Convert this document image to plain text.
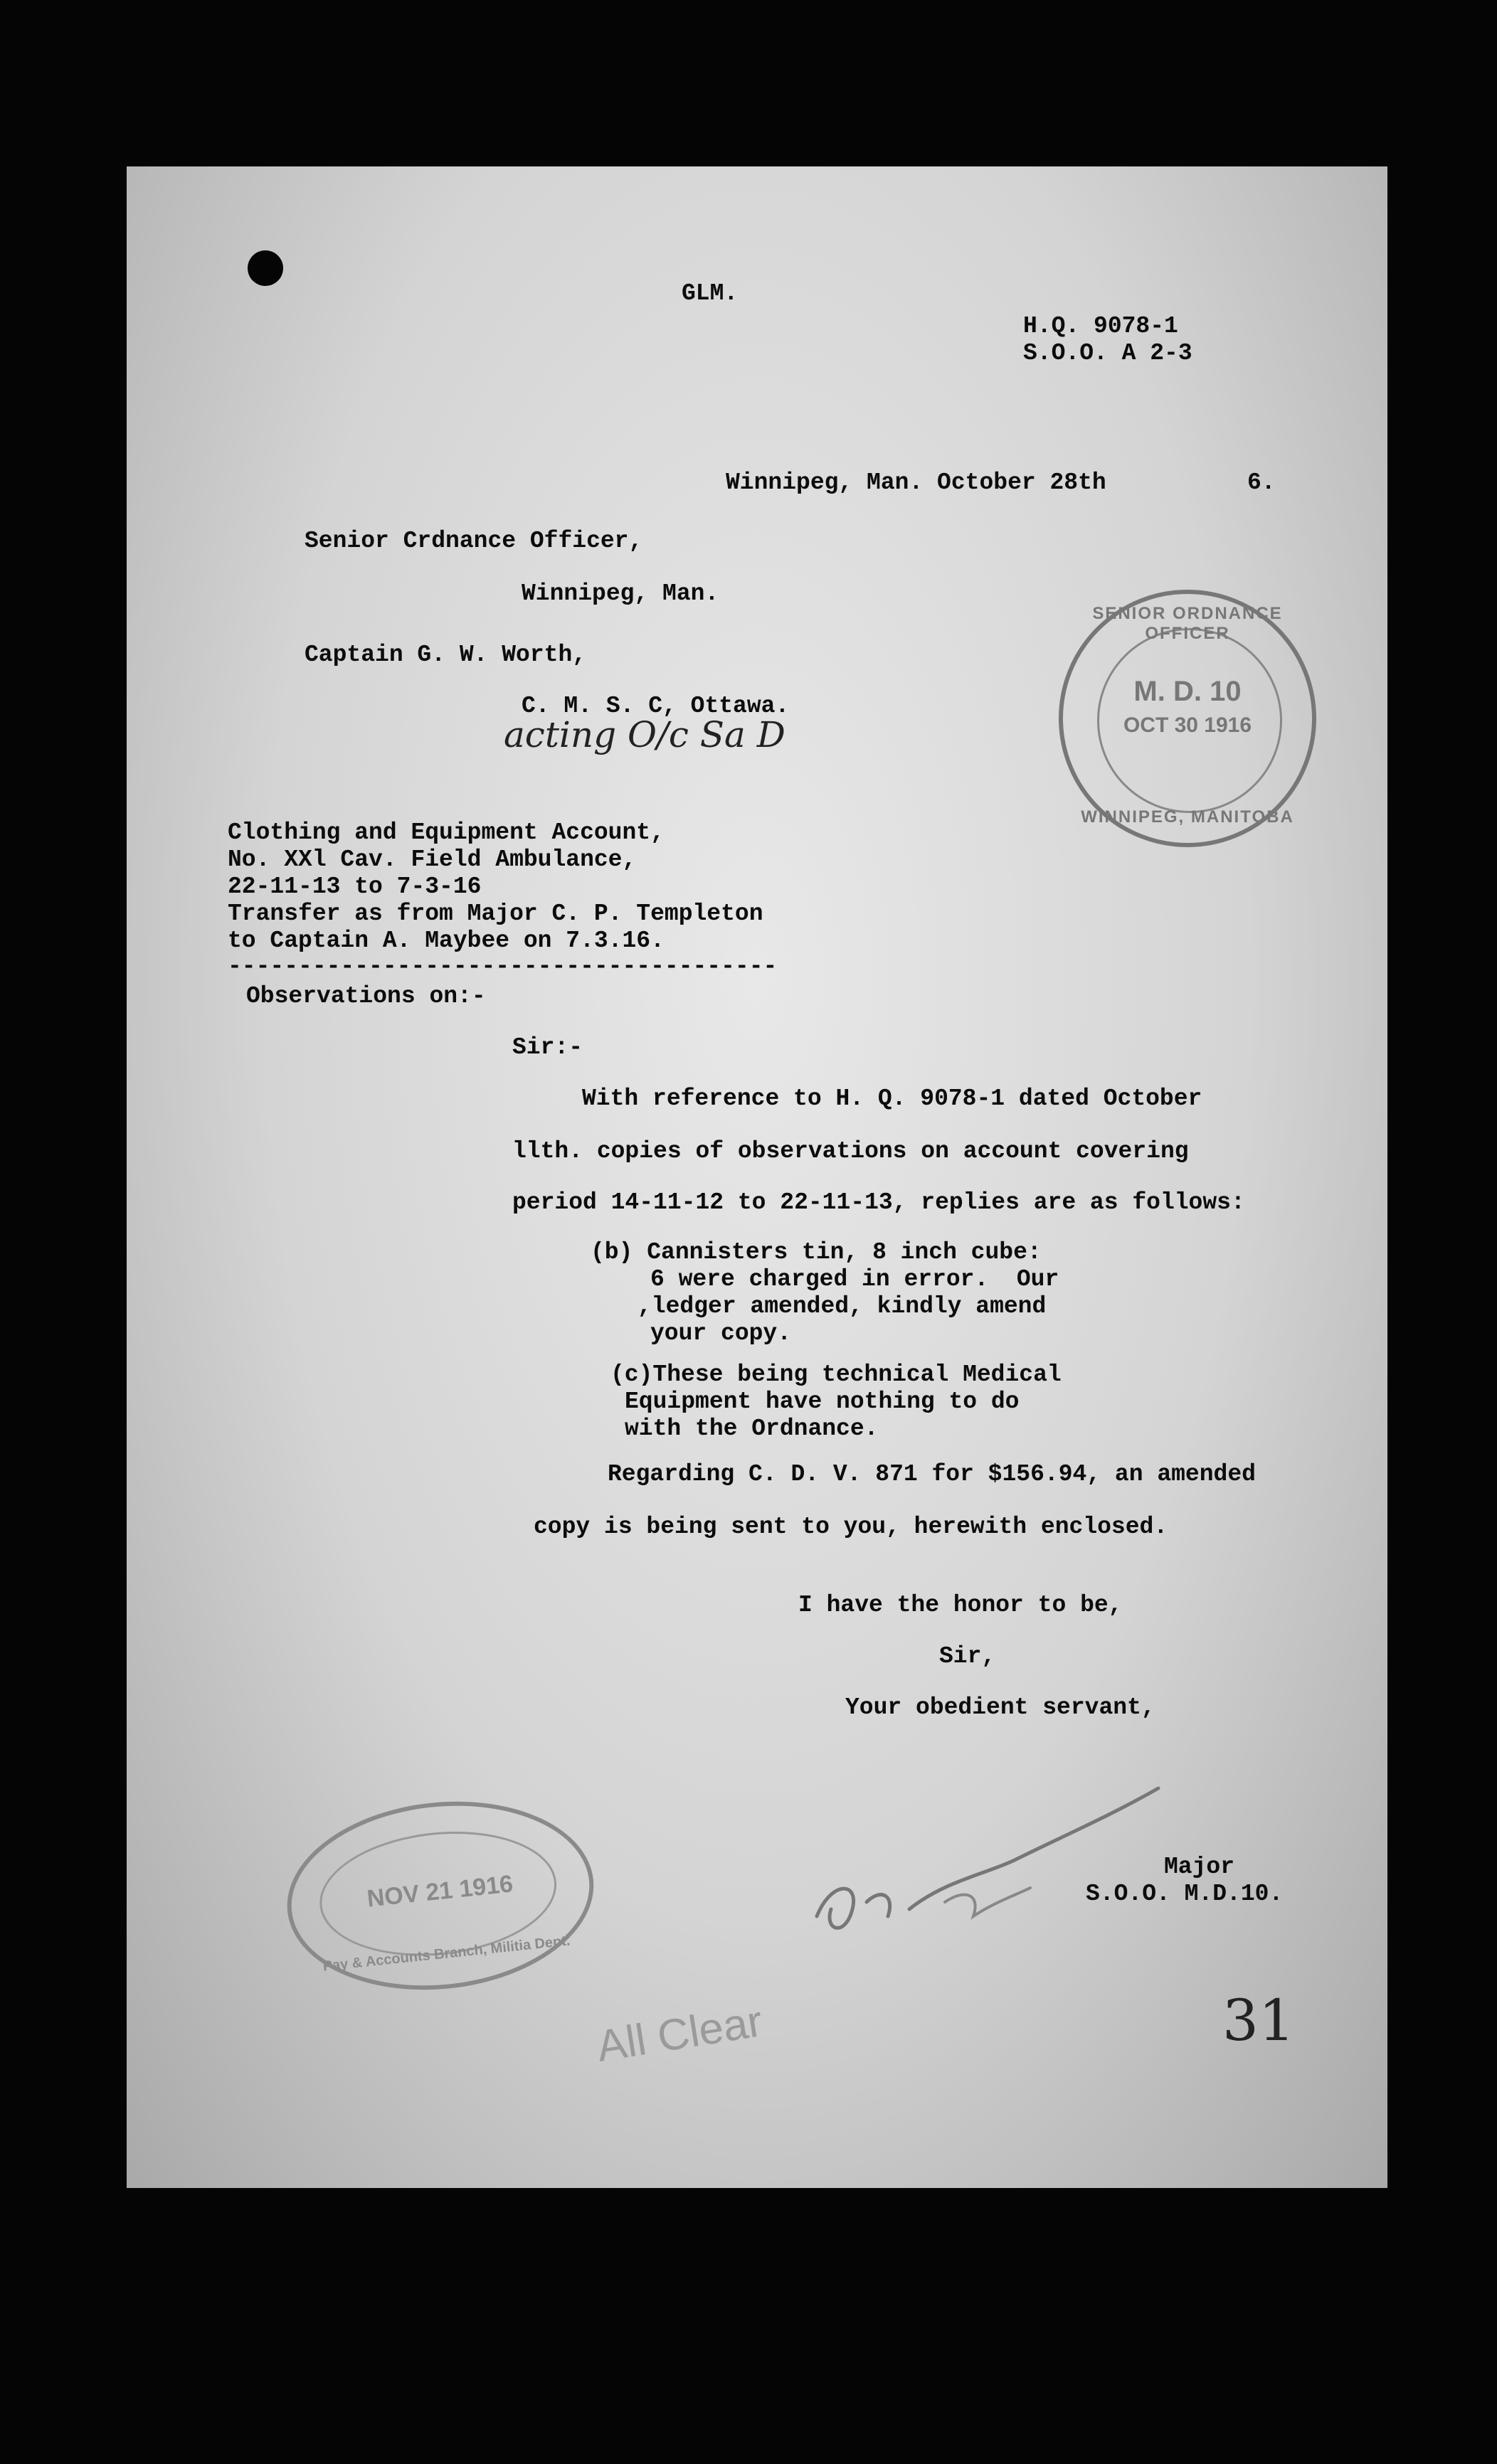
GLM.
H.Q. 9078-1
S.O.O. A 2-3
Winnipeg, Man. October 28th	6.
Senior Crdnance Officer,
Winnipeg, Man.
Captain G. W. Worth,
C. M. S. C, Ottawa.
acting O/c Sa D
SENIOR ORDNANCE OFFICER
M. D. 10
OCT 30 1916
WINNIPEG, MANITOBA
Clothing and Equipment Account,
No. XXl Cav. Field Ambulance,
22-11-13 to 7-3-16
Transfer as from Major C. P. Templeton
to Captain A. Maybee on 7.3.16.
---------------------------------------
Observations on:-
Sir:-
With reference to H. Q. 9078-1 dated October
llth. copies of observations on account covering
period 14-11-12 to 22-11-13, replies are as follows:
(b) Cannisters tin, 8 inch cube:
6 were charged in error.  Our
,ledger amended, kindly amend
your copy.
(c)These being technical Medical
Equipment have nothing to do
with the Ordnance.
Regarding C. D. V. 871 for $156.94, an amended
copy is being sent to you, herewith enclosed.
I have the honor to be,
Sir,
Your obedient servant,
Major
S.O.O. M.D.10.
NOV 21 1916
Pay & Accounts Branch, Militia Dept.
All Clear	31
